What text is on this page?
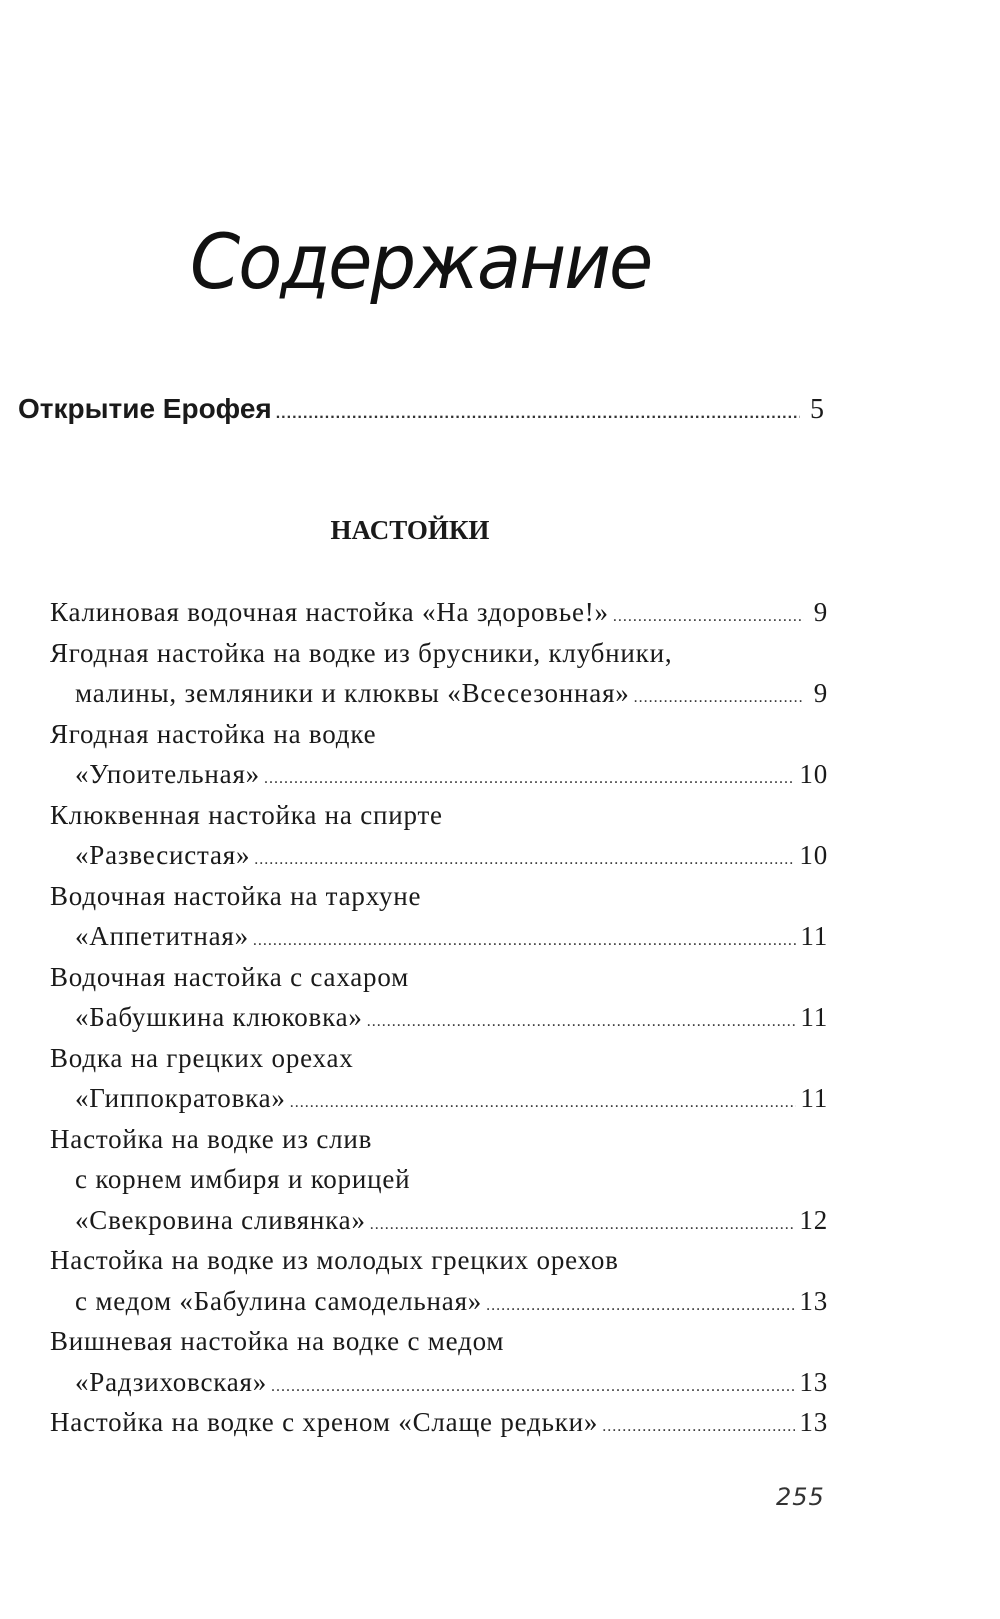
Содержание
Открытие Ерофея .....	5
НАСТОЙКИ
Калиновая водочная настойка «На здоровье!» .....	9
Ягодная настойка на водке из брусники, клубники,
малины, земляники и клюквы «Всесезонная» .....	9
Ягодная настойка на водке
«Упоительная» .....	10
Клюквенная настойка на спирте
«Развесистая» .....	10
Водочная настойка на тархуне
«Аппетитная» .....	11
Водочная настойка с сахаром
«Бабушкина клюковка» .....	11
Водка на грецких орехах
«Гиппократовка» .....	11
Настойка на водке из слив
с корнем имбиря и корицей
«Свекровина сливянка» .....	12
Настойка на водке из молодых грецких орехов
с медом «Бабулина самодельная» .....	13
Вишневая настойка на водке с медом
«Радзиховская» .....	13
Настойка на водке с хреном «Слаще редьки» .....	13
255
